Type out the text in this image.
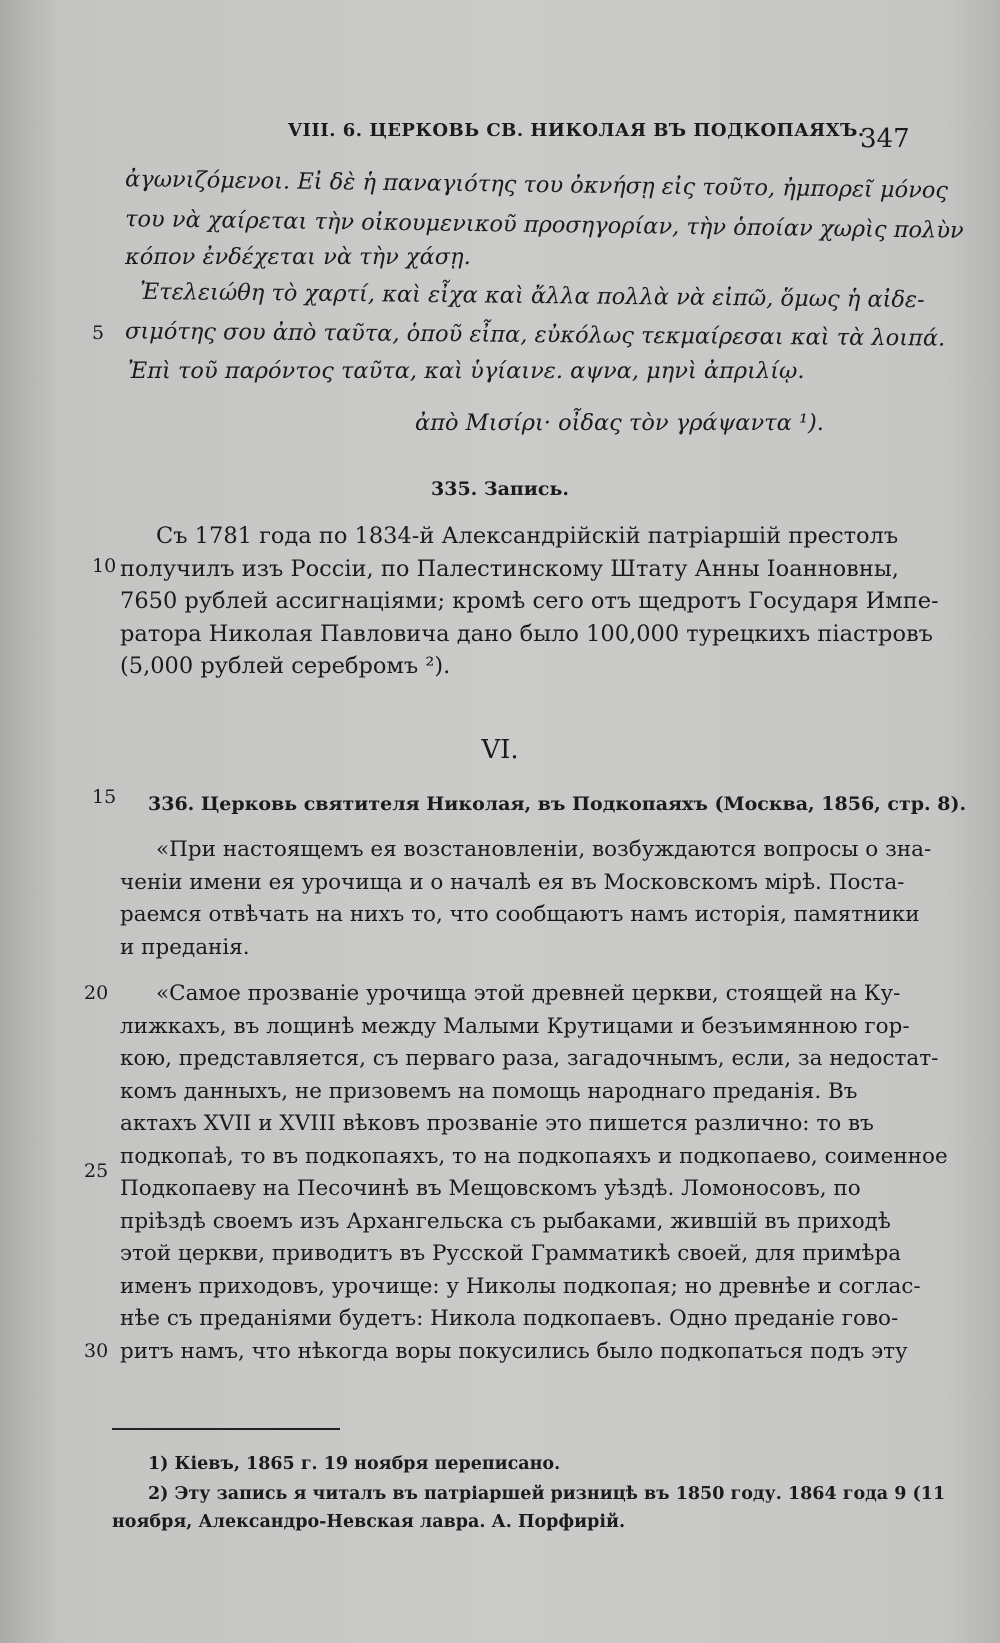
VIII. 6. ЦЕРКОВЬ СВ. НИКОЛАЯ ВЪ ПОДКОПАЯХЪ.
347
ἀγωνιζόμενοι. Εἰ δὲ ἡ παναγιότης του ὀκνήσῃ εἰς τοῦτο, ἠμπορεῖ μόνος
του νὰ χαίρεται τὴν οἰκουμενικοῦ προσηγορίαν, τὴν ὁποίαν χωρὶς πολὺν
κόπον ἐνδέχεται νὰ τὴν χάσῃ.
Ἐτελειώθη τὸ χαρτί, καὶ εἶχα καὶ ἄλλα πολλὰ νὰ εἰπῶ, ὅμως ἡ αἰδε-
σιμότης σου ἀπὸ ταῦτα, ὁποῦ εἶπα, εὐκόλως τεκμαίρεσαι καὶ τὰ λοιπά.
Ἐπὶ τοῦ παρόντος ταῦτα, καὶ ὑγίαινε. αψνα, μηνὶ ἀπριλίῳ.
ἀπὸ Μισίρι· οἶδας τὸν γράψαντα ¹).
5
10
15
20
25
30
335. Запись.
Съ 1781 года по 1834-й Александрійскій патріаршій престолъ
получилъ изъ Россіи, по Палестинскому Штату Анны Іоанновны,
7650 рублей ассигнаціями; кромѣ сего отъ щедротъ Государя Импе-
ратора Николая Павловича дано было 100,000 турецкихъ піастровъ
(5,000 рублей серебромъ ²).
VI.
336. Церковь святителя Николая, въ Подкопаяхъ (Москва, 1856, стр. 8).
«При настоящемъ ея возстановленіи, возбуждаются вопросы о зна-
ченіи имени ея урочища и о началѣ ея въ Московскомъ мірѣ. Поста-
раемся отвѣчать на нихъ то, что сообщаютъ намъ исторія, памятники
и преданія.
«Самое прозваніе урочища этой древней церкви, стоящей на Ку-
лижкахъ, въ лощинѣ между Малыми Крутицами и безъимянною гор-
кою, представляется, съ перваго раза, загадочнымъ, если, за недостат-
комъ данныхъ, не призовемъ на помощь народнаго преданія. Въ
актахъ XVII и XVIII вѣковъ прозваніе это пишется различно: то въ
подкопаѣ, то въ подкопаяхъ, то на подкопаяхъ и подкопаево, соименное
Подкопаеву на Песочинѣ въ Мещовскомъ уѣздѣ. Ломоносовъ, по
пріѣздѣ своемъ изъ Архангельска съ рыбаками, жившій въ приходѣ
этой церкви, приводитъ въ Русской Грамматикѣ своей, для примѣра
именъ приходовъ, урочище: у Николы подкопая; но древнѣе и соглас-
нѣе съ преданіями будетъ: Никола подкопаевъ. Одно преданіе гово-
ритъ намъ, что нѣкогда воры покусились было подкопаться подъ эту
1) Кіевъ, 1865 г. 19 ноября переписано.
2) Эту запись я читалъ въ патріаршей ризницѣ въ 1850 году. 1864 года 9 (11
ноября, Александро-Невская лавра. А. Порфирій.
